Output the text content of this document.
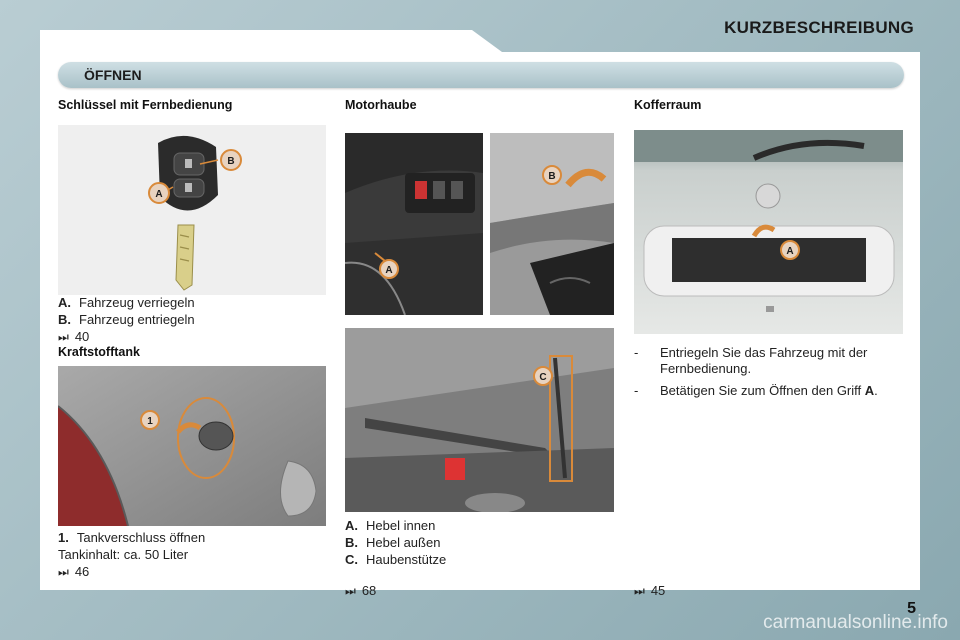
KURZBESCHREIBUNG
ÖFFNEN
Schlüssel mit Fernbedienung
B
A
A. Fahrzeug verriegeln
B. Fahrzeug entriegeln
⏭ 40
Kraftstofftank
1
1. Tankverschluss öffnen
Tankinhalt: ca. 50 Liter
⏭ 46
Motorhaube
A
B
C
A. Hebel innen
B. Hebel außen
C. Haubenstütze
⏭ 68
Kofferraum
A
- Entriegeln Sie das Fahrzeug mit der Fernbedienung.
- Betätigen Sie zum Öffnen den Griff A.
⏭ 45
5
carmanualsonline.info
